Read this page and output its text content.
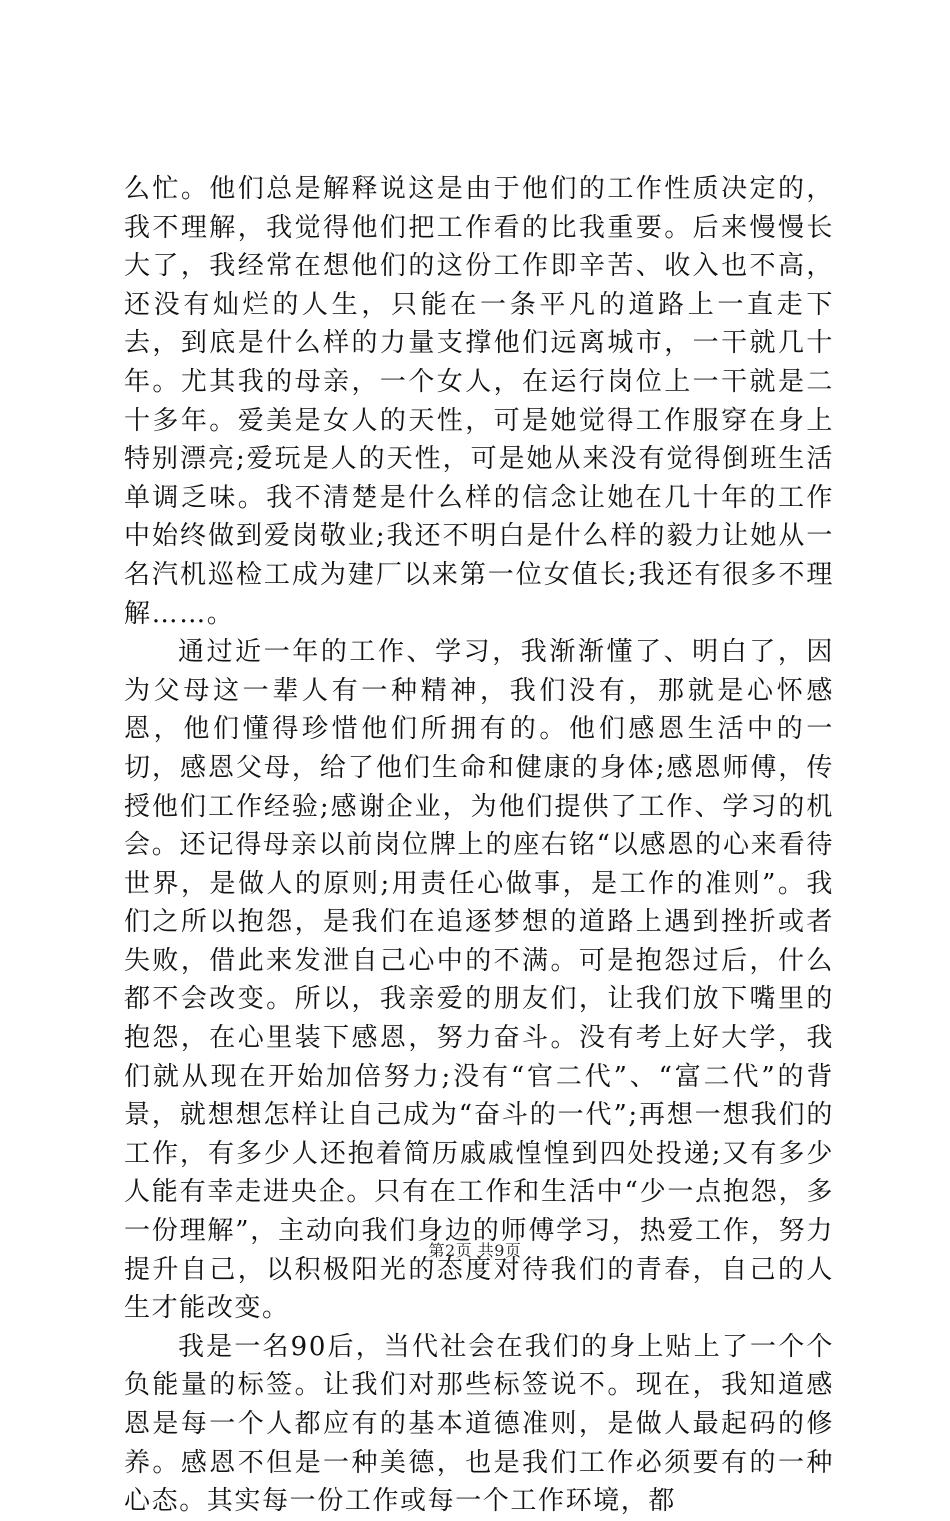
么忙。他们总是解释说这是由于他们的工作性质决定的，我不理解，我觉得他们把工作看的比我重要。后来慢慢长大了，我经常在想他们的这份工作即辛苦、收入也不高，还没有灿烂的人生，只能在一条平凡的道路上一直走下去，到底是什么样的力量支撑他们远离城市，一干就几十年。尤其我的母亲，一个女人，在运行岗位上一干就是二十多年。爱美是女人的天性，可是她觉得工作服穿在身上特别漂亮;爱玩是人的天性，可是她从来没有觉得倒班生活单调乏味。我不清楚是什么样的信念让她在几十年的工作中始终做到爱岗敬业;我还不明白是什么样的毅力让她从一名汽机巡检工成为建厂以来第一位女值长;我还有很多不理解……。

通过近一年的工作、学习，我渐渐懂了、明白了，因为父母这一辈人有一种精神，我们没有，那就是心怀感恩，他们懂得珍惜他们所拥有的。他们感恩生活中的一切，感恩父母，给了他们生命和健康的身体;感恩师傅，传授他们工作经验;感谢企业，为他们提供了工作、学习的机会。还记得母亲以前岗位牌上的座右铭“以感恩的心来看待世界，是做人的原则;用责任心做事，是工作的准则”。我们之所以抱怨，是我们在追逐梦想的道路上遇到挫折或者失败，借此来发泄自己心中的不满。可是抱怨过后，什么都不会改变。所以，我亲爱的朋友们，让我们放下嘴里的抱怨，在心里装下感恩，努力奋斗。没有考上好大学，我们就从现在开始加倍努力;没有“官二代”、“富二代”的背景，就想想怎样让自己成为“奋斗的一代”;再想一想我们的工作，有多少人还抱着简历戚戚惶惶到四处投递;又有多少人能有幸走进央企。只有在工作和生活中“少一点抱怨，多一份理解”，主动向我们身边的师傅学习，热爱工作，努力提升自己，以积极阳光的态度对待我们的青春，自己的人生才能改变。

我是一名90后，当代社会在我们的身上贴上了一个个负能量的标签。让我们对那些标签说不。现在，我知道感恩是每一个人都应有的基本道德准则，是做人最起码的修养。感恩不但是一种美德，也是我们工作必须要有的一种心态。其实每一份工作或每一个工作环境，都

第2页 共9页
